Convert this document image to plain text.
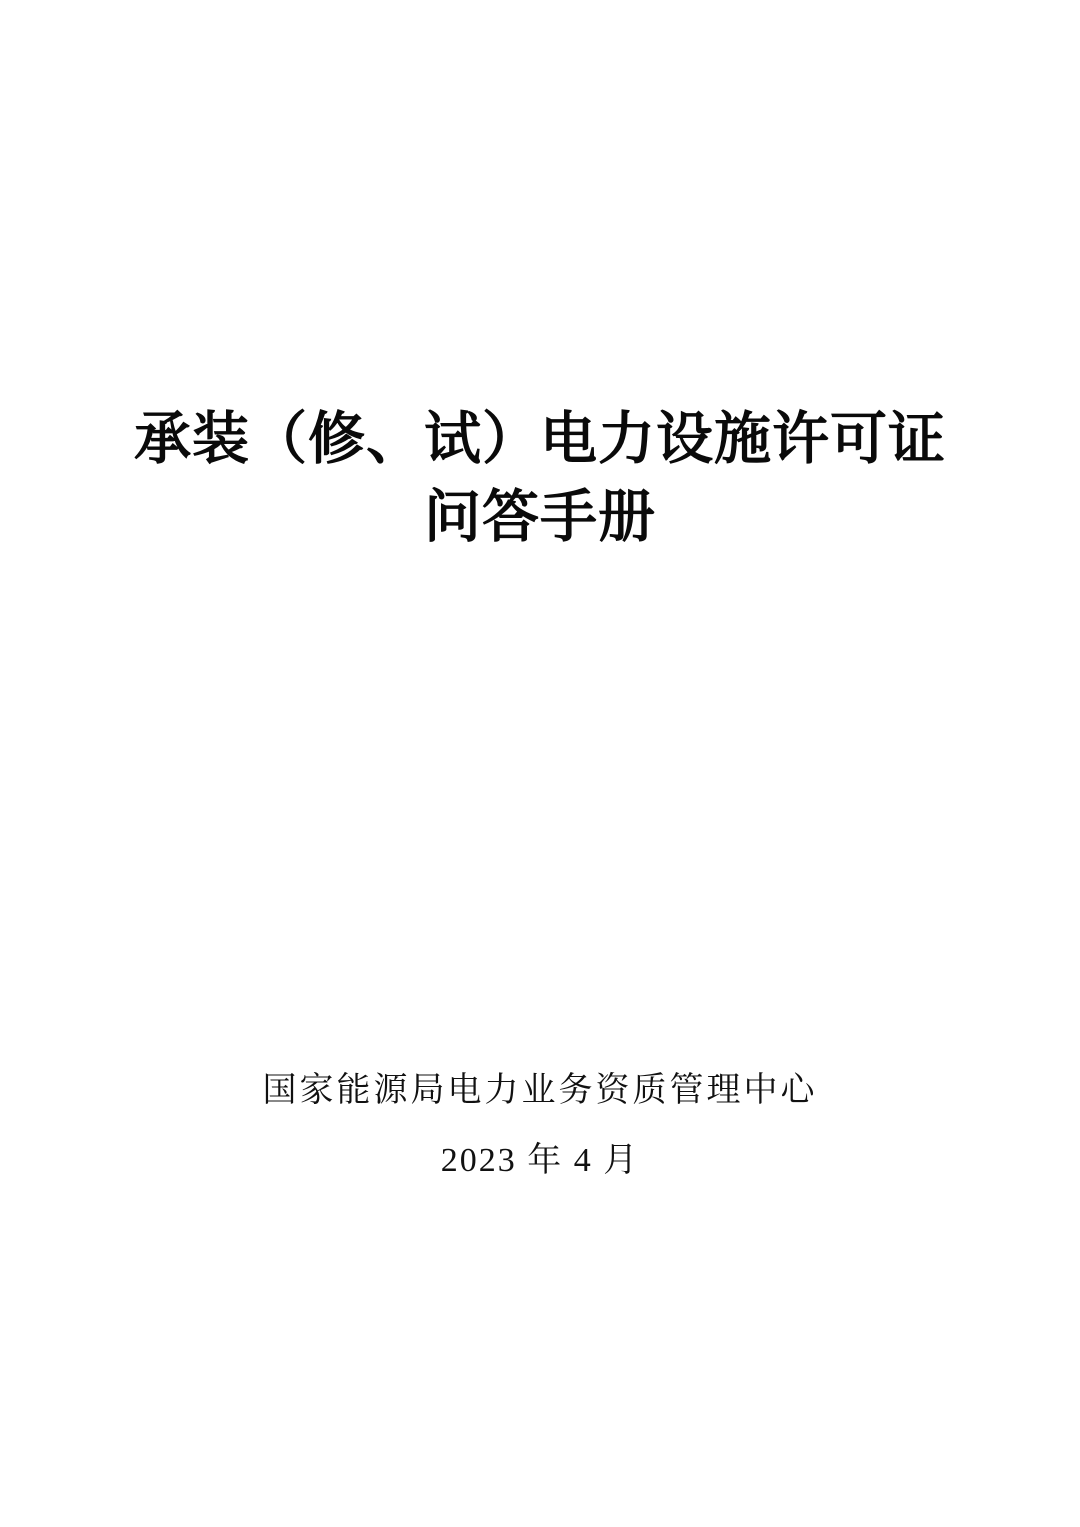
承装（修、试）电力设施许可证
问答手册
国家能源局电力业务资质管理中心
2023 年 4 月
